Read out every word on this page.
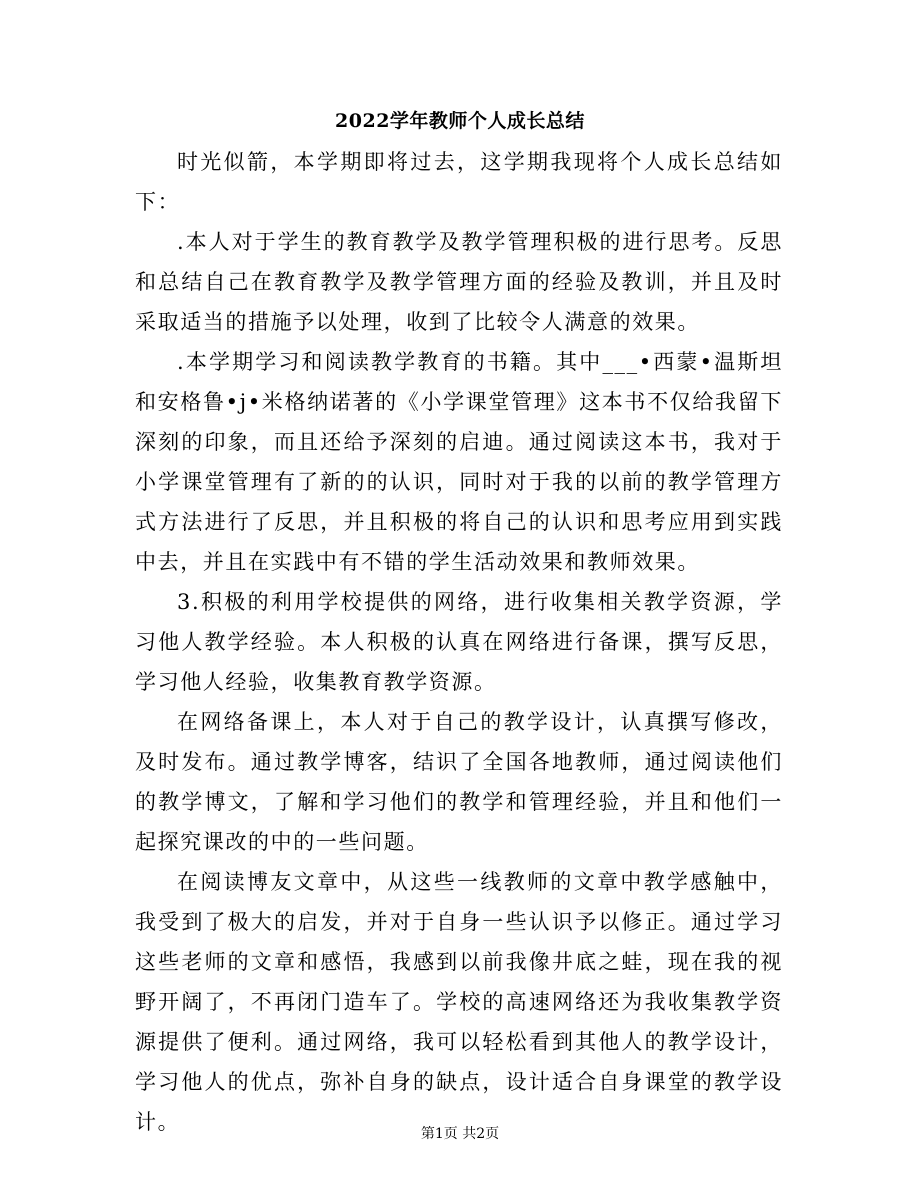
2022学年教师个人成长总结

时光似箭，本学期即将过去，这学期我现将个人成长总结如下：

.本人对于学生的教育教学及教学管理积极的进行思考。反思和总结自己在教育教学及教学管理方面的经验及教训，并且及时采取适当的措施予以处理，收到了比较令人满意的效果。

.本学期学习和阅读教学教育的书籍。其中___•西蒙•温斯坦和安格鲁•j•米格纳诺著的《小学课堂管理》这本书不仅给我留下深刻的印象，而且还给予深刻的启迪。通过阅读这本书，我对于小学课堂管理有了新的的认识，同时对于我的以前的教学管理方式方法进行了反思，并且积极的将自己的认识和思考应用到实践中去，并且在实践中有不错的学生活动效果和教师效果。

3.积极的利用学校提供的网络，进行收集相关教学资源，学习他人教学经验。本人积极的认真在网络进行备课，撰写反思，学习他人经验，收集教育教学资源。

在网络备课上，本人对于自己的教学设计，认真撰写修改，及时发布。通过教学博客，结识了全国各地教师，通过阅读他们的教学博文，了解和学习他们的教学和管理经验，并且和他们一起探究课改的中的一些问题。

在阅读博友文章中，从这些一线教师的文章中教学感触中，我受到了极大的启发，并对于自身一些认识予以修正。通过学习这些老师的文章和感悟，我感到以前我像井底之蛙，现在我的视野开阔了，不再闭门造车了。学校的高速网络还为我收集教学资源提供了便利。通过网络，我可以轻松看到其他人的教学设计，学习他人的优点，弥补自身的缺点，设计适合自身课堂的教学设计。	第1页 共2页
